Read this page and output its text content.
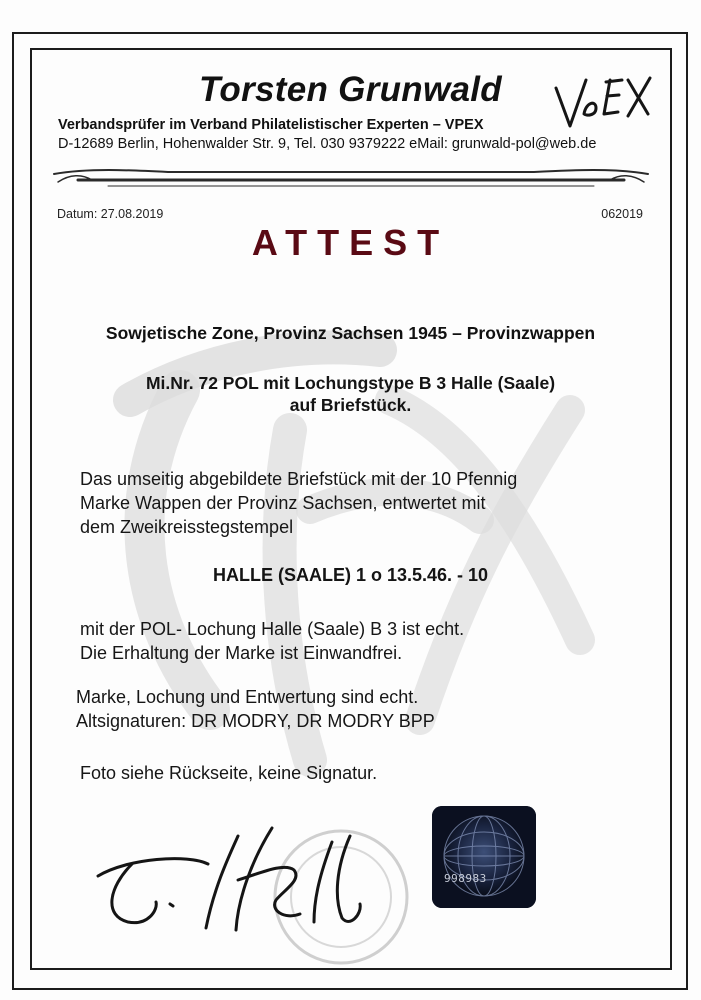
Torsten Grunwald
Verbandsprüfer im Verband Philatelistischer Experten – VPEX
D-12689 Berlin, Hohenwalder Str. 9, Tel. 030 9379222 eMail: grunwald-pol@web.de
Datum: 27.08.2019	062019
ATTEST
Sowjetische Zone, Provinz Sachsen 1945 – Provinzwappen
Mi.Nr. 72 POL mit Lochungstype B 3 Halle (Saale)
auf Briefstück.
Das umseitig abgebildete Briefstück mit der 10 Pfennig
Marke Wappen der Provinz Sachsen, entwertet mit
dem Zweikreisstegstempel
HALLE (SAALE) 1 o 13.5.46. - 10
mit der POL- Lochung Halle (Saale) B 3 ist echt.
Die Erhaltung der Marke ist Einwandfrei.
Marke, Lochung und Entwertung sind echt.
Altsignaturen: DR MODRY, DR MODRY BPP
Foto siehe Rückseite, keine Signatur.
998983
